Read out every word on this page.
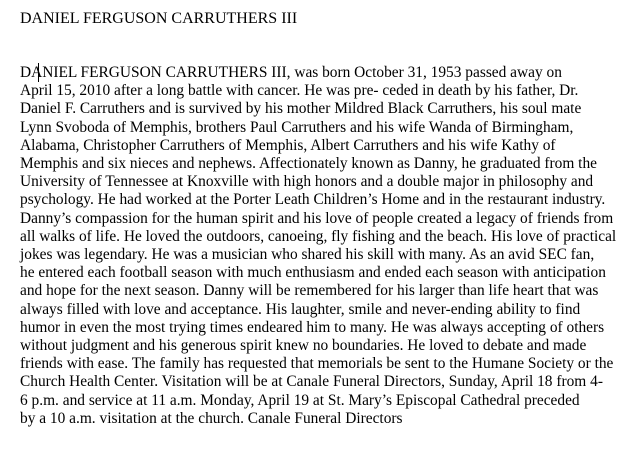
DANIEL FERGUSON CARRUTHERS III
DANIEL FERGUSON CARRUTHERS III, was born October 31, 1953 passed away on
April 15, 2010 after a long battle with cancer. He was pre- ceded in death by his father, Dr.
Daniel F. Carruthers and is survived by his mother Mildred Black Carruthers, his soul mate
Lynn Svoboda of Memphis, brothers Paul Carruthers and his wife Wanda of Birmingham,
Alabama, Christopher Carruthers of Memphis, Albert Carruthers and his wife Kathy of
Memphis and six nieces and nephews. Affectionately known as Danny, he graduated from the
University of Tennessee at Knoxville with high honors and a double major in philosophy and
psychology. He had worked at the Porter Leath Children’s Home and in the restaurant industry.
Danny’s compassion for the human spirit and his love of people created a legacy of friends from
all walks of life. He loved the outdoors, canoeing, fly fishing and the beach. His love of practical
jokes was legendary. He was a musician who shared his skill with many. As an avid SEC fan,
he entered each football season with much enthusiasm and ended each season with anticipation
and hope for the next season. Danny will be remembered for his larger than life heart that was
always filled with love and acceptance. His laughter, smile and never-ending ability to find
humor in even the most trying times endeared him to many. He was always accepting of others
without judgment and his generous spirit knew no boundaries. He loved to debate and made
friends with ease. The family has requested that memorials be sent to the Humane Society or the
Church Health Center. Visitation will be at Canale Funeral Directors, Sunday, April 18 from 4-
6 p.m. and service at 11 a.m. Monday, April 19 at St. Mary’s Episcopal Cathedral preceded
by a 10 a.m. visitation at the church. Canale Funeral Directors
